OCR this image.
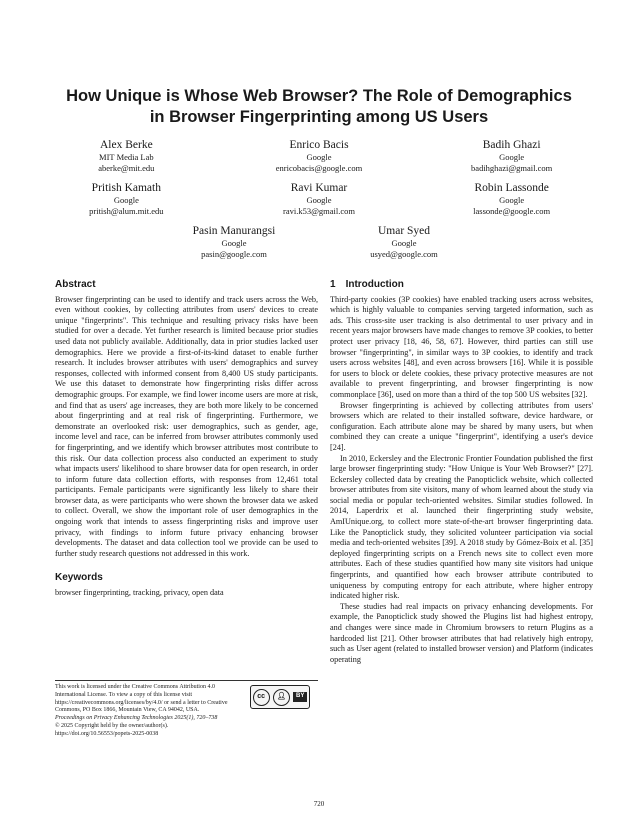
How Unique is Whose Web Browser? The Role of Demographics
in Browser Fingerprinting among US Users
Alex Berke
MIT Media Lab
aberke@mit.edu
Enrico Bacis
Google
enricobacis@google.com
Badih Ghazi
Google
badihghazi@gmail.com
Pritish Kamath
Google
pritish@alum.mit.edu
Ravi Kumar
Google
ravi.k53@gmail.com
Robin Lassonde
Google
lassonde@google.com
Pasin Manurangsi
Google
pasin@google.com
Umar Syed
Google
usyed@google.com
Abstract

Browser fingerprinting can be used to identify and track users across the Web, even without cookies, by collecting attributes from users' devices to create unique "fingerprints". This technique and resulting privacy risks have been studied for over a decade. Yet further research is limited because prior studies used data not publicly available. Additionally, data in prior studies lacked user demographics. Here we provide a first-of-its-kind dataset to enable further research. It includes browser attributes with users' demographics and survey responses, collected with informed consent from 8,400 US study participants. We use this dataset to demonstrate how fingerprinting risks differ across demographic groups. For example, we find lower income users are more at risk, and find that as users' age increases, they are both more likely to be concerned about fingerprinting and at real risk of fingerprinting. Furthermore, we demonstrate an overlooked risk: user demographics, such as gender, age, income level and race, can be inferred from browser attributes commonly used for fingerprinting, and we identify which browser attributes most contribute to this risk. Our data collection process also conducted an experiment to study what impacts users' likelihood to share browser data for open research, in order to inform future data collection efforts, with responses from 12,461 total participants. Female participants were significantly less likely to share their browser data, as were participants who were shown the browser data we asked to collect. Overall, we show the important role of user demographics in the ongoing work that intends to assess fingerprinting risks and improve user privacy, with findings to inform future privacy enhancing browser developments. The dataset and data collection tool we provide can be used to further study research questions not addressed in this work.

Keywords

browser fingerprinting, tracking, privacy, open data

This work is licensed under the Creative Commons Attribution 4.0 International License. To view a copy of this license visit https://creativecommons.org/licenses/by/4.0/ or send a letter to Creative Commons, PO Box 1866, Mountain View, CA 94042, USA.
Proceedings on Privacy Enhancing Technologies 2025(1), 720–738
© 2025 Copyright held by the owner/author(s).
https://doi.org/10.56553/popets-2025-0038
cc	👤︎	BY
1 Introduction

Third-party cookies (3P cookies) have enabled tracking users across websites, which is highly valuable to companies serving targeted information, such as ads. This cross-site user tracking is also detrimental to user privacy and in recent years major browsers have made changes to remove 3P cookies, to better protect user privacy [18, 46, 58, 67]. However, third parties can still use browser "fingerprinting", in similar ways to 3P cookies, to identify and track users across websites [48], and even across browsers [16]. While it is possible for users to block or delete cookies, these privacy protective measures are not available to prevent fingerprinting, and browser fingerprinting is now commonplace [36], used on more than a third of the top 500 US websites [32].

Browser fingerprinting is achieved by collecting attributes from users' browsers which are related to their installed software, device hardware, or configuration. Each attribute alone may be shared by many users, but when combined they can create a unique "fingerprint", identifying a user's device [24].

In 2010, Eckersley and the Electronic Frontier Foundation published the first large browser fingerprinting study: "How Unique is Your Web Browser?" [27]. Eckersley collected data by creating the Panopticlick website, which collected browser attributes from site visitors, many of whom learned about the study via social media or popular tech-oriented websites. Similar studies followed. In 2014, Laperdrix et al. launched their fingerprinting study website, AmIUnique.org, to collect more state-of-the-art browser fingerprinting data. Like the Panopticlick study, they solicited volunteer participation via social media and tech-oriented websites [39]. A 2018 study by Gómez-Boix et al. [35] deployed fingerprinting scripts on a French news site to collect even more attributes. Each of these studies quantified how many site visitors had unique fingerprints, and quantified how each browser attribute contributed to uniqueness by computing entropy for each attribute, where higher entropy indicated higher risk.

These studies had real impacts on privacy enhancing developments. For example, the Panopticlick study showed the Plugins list had highest entropy, and changes were since made in Chromium browsers to return Plugins as a hardcoded list [21]. Other browser attributes that had relatively high entropy, such as User agent (related to installed browser version) and Platform (indicates operating

720
